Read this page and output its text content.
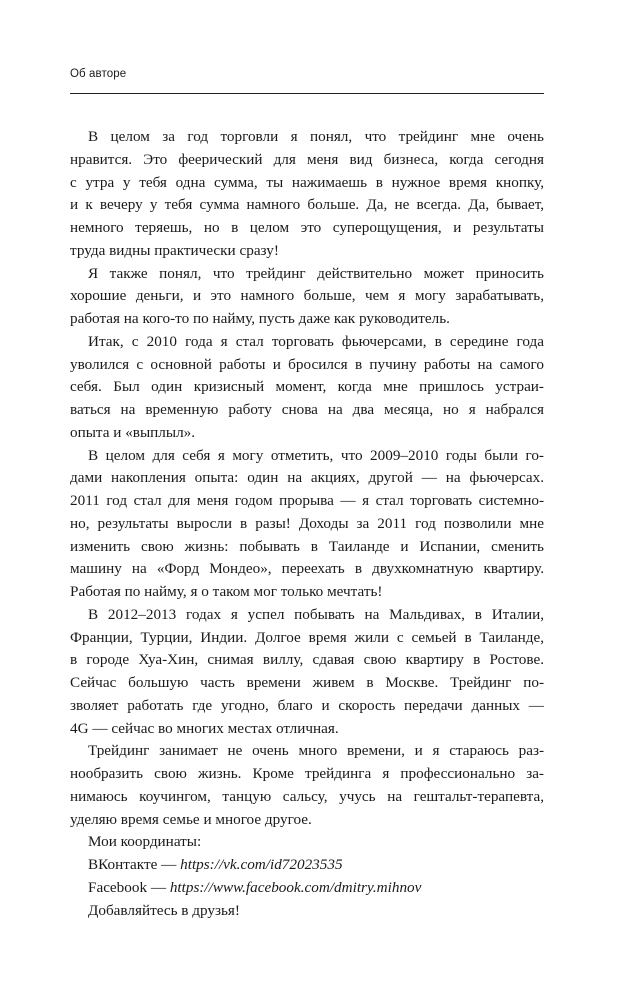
Об авторе
В целом за год торговли я понял, что трейдинг мне очень
нравится. Это феерический для меня вид бизнеса, когда сегодня
с утра у тебя одна сумма, ты нажимаешь в нужное время кнопку,
и к вечеру у тебя сумма намного больше. Да, не всегда. Да, бывает,
немного теряешь, но в целом это суперощущения, и результаты
труда видны практически сразу!
Я также понял, что трейдинг действительно может приносить
хорошие деньги, и это намного больше, чем я могу зарабатывать,
работая на кого-то по найму, пусть даже как руководитель.
Итак, с 2010 года я стал торговать фьючерсами, в середине года
уволился с основной работы и бросился в пучину работы на самого
себя. Был один кризисный момент, когда мне пришлось устраи-
ваться на временную работу снова на два месяца, но я набрался
опыта и «выплыл».
В целом для себя я могу отметить, что 2009–2010 годы были го-
дами накопления опыта: один на акциях, другой — на фьючерсах.
2011 год стал для меня годом прорыва — я стал торговать системно-
но, результаты выросли в разы! Доходы за 2011 год позволили мне
изменить свою жизнь: побывать в Таиланде и Испании, сменить
машину на «Форд Мондео», переехать в двухкомнатную квартиру.
Работая по найму, я о таком мог только мечтать!
В 2012–2013 годах я успел побывать на Мальдивах, в Италии,
Франции, Турции, Индии. Долгое время жили с семьей в Таиланде,
в городе Хуа-Хин, снимая виллу, сдавая свою квартиру в Ростове.
Сейчас большую часть времени живем в Москве. Трейдинг по-
зволяет работать где угодно, благо и скорость передачи данных —
4G — сейчас во многих местах отличная.
Трейдинг занимает не очень много времени, и я стараюсь раз-
нообразить свою жизнь. Кроме трейдинга я профессионально за-
нимаюсь коучингом, танцую сальсу, учусь на гештальт-терапевта,
уделяю время семье и многое другое.
Мои координаты:
ВКонтакте — https://vk.com/id72023535
Facebook — https://www.facebook.com/dmitry.mihnov
Добавляйтесь в друзья!
